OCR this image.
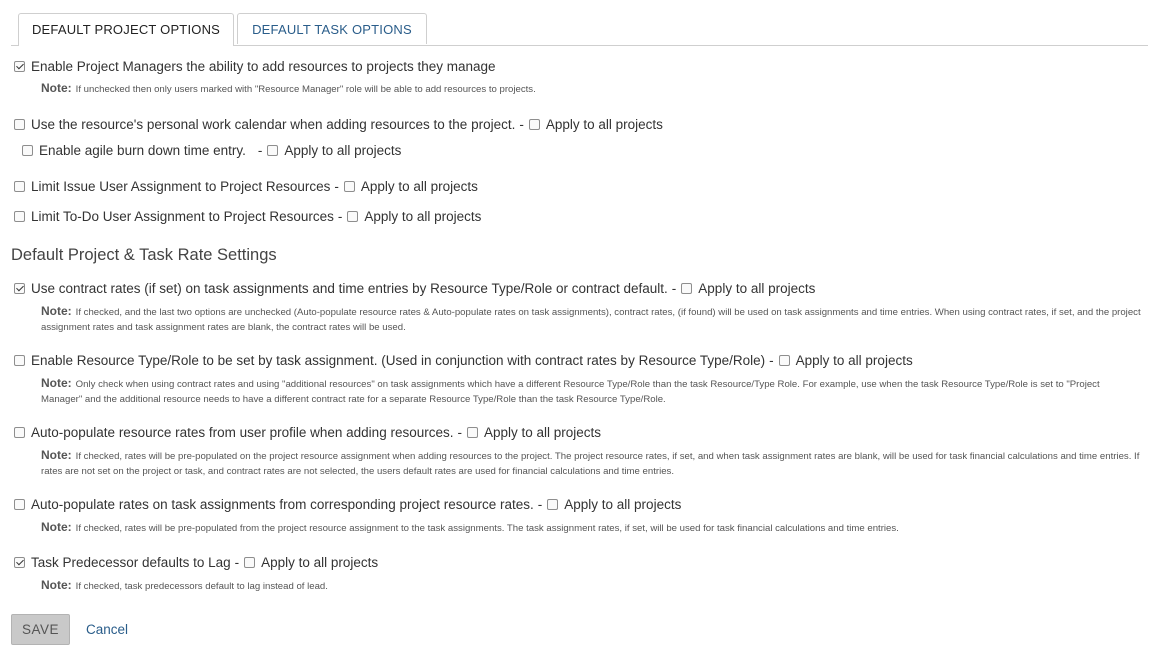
DEFAULT PROJECT OPTIONS	DEFAULT TASK OPTIONS
Enable Project Managers the ability to add resources to projects they manage
Note: If unchecked then only users marked with "Resource Manager" role will be able to add resources to projects.
Use the resource's personal work calendar when adding resources to the project. - Apply to all projects
Enable agile burn down time entry. - Apply to all projects
Limit Issue User Assignment to Project Resources - Apply to all projects
Limit To-Do User Assignment to Project Resources - Apply to all projects
Default Project & Task Rate Settings
Use contract rates (if set) on task assignments and time entries by Resource Type/Role or contract default. - Apply to all projects
Note: If checked, and the last two options are unchecked (Auto-populate resource rates & Auto-populate rates on task assignments), contract rates, (if found) will be used on task assignments and time entries. When using contract rates, if set, and the project assignment rates and task assignment rates are blank, the contract rates will be used.
Enable Resource Type/Role to be set by task assignment. (Used in conjunction with contract rates by Resource Type/Role) - Apply to all projects
Note: Only check when using contract rates and using "additional resources" on task assignments which have a different Resource Type/Role than the task Resource/Type Role. For example, use when the task Resource Type/Role is set to "Project Manager" and the additional resource needs to have a different contract rate for a separate Resource Type/Role than the task Resource Type/Role.
Auto-populate resource rates from user profile when adding resources. - Apply to all projects
Note: If checked, rates will be pre-populated on the project resource assignment when adding resources to the project. The project resource rates, if set, and when task assignment rates are blank, will be used for task financial calculations and time entries. If rates are not set on the project or task, and contract rates are not selected, the users default rates are used for financial calculations and time entries.
Auto-populate rates on task assignments from corresponding project resource rates. - Apply to all projects
Note: If checked, rates will be pre-populated from the project resource assignment to the task assignments. The task assignment rates, if set, will be used for task financial calculations and time entries.
Task Predecessor defaults to Lag - Apply to all projects
Note: If checked, task predecessors default to lag instead of lead.
SAVE	Cancel
